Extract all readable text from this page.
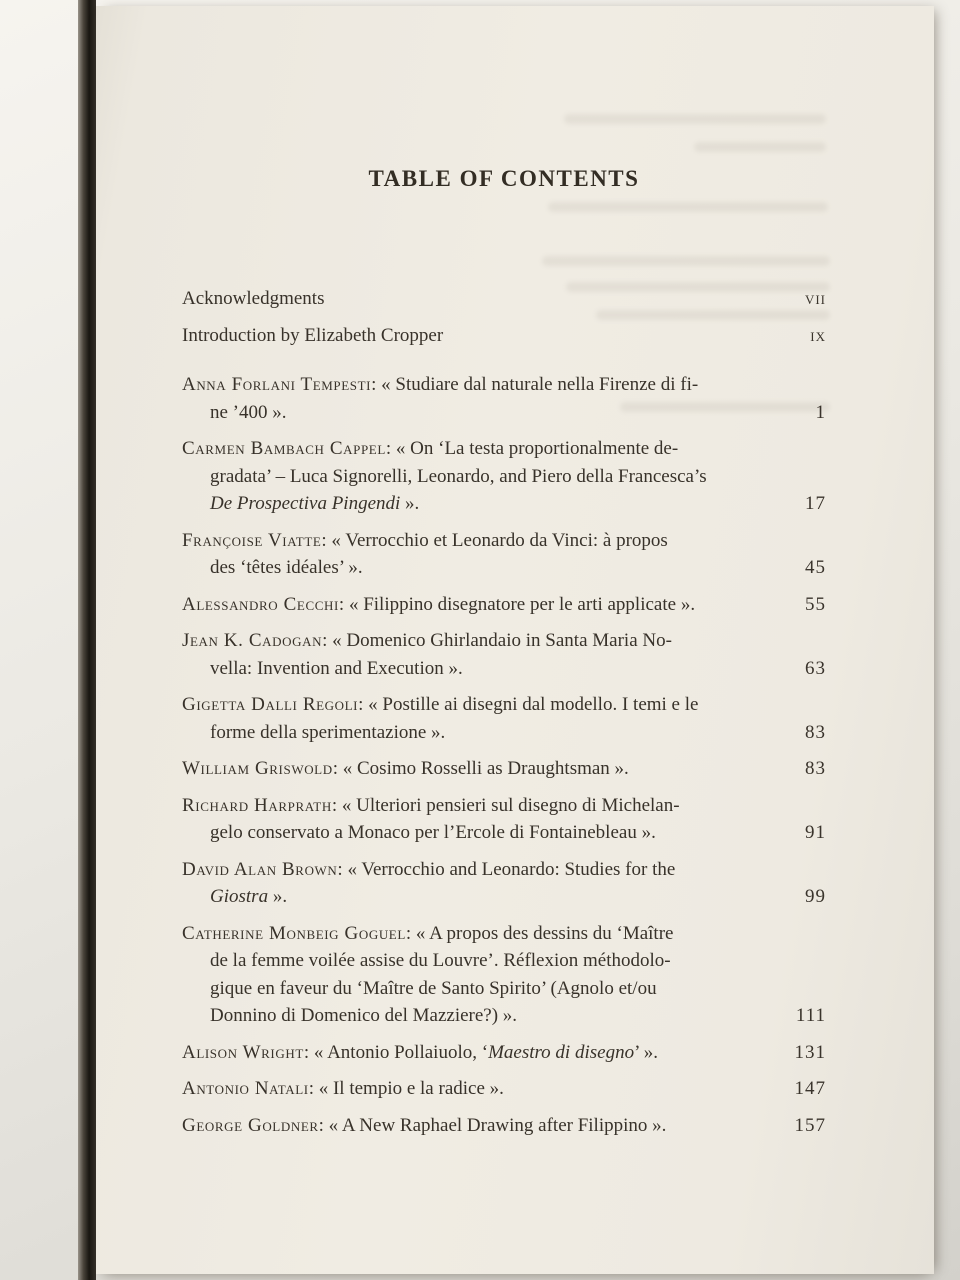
TABLE OF CONTENTS
Acknowledgments	vii
Introduction by Elizabeth Cropper	ix
Anna Forlani Tempesti: « Studiare dal naturale nella Firenze di fi-
ne ’400 ».	1
Carmen Bambach Cappel: « On ‘La testa proportionalmente de-
gradata’ – Luca Signorelli, Leonardo, and Piero della Francesca’s
De Prospectiva Pingendi ».	17
Françoise Viatte: « Verrocchio et Leonardo da Vinci: à propos
des ‘têtes idéales’ ».	45
Alessandro Cecchi: « Filippino disegnatore per le arti applicate ».	55
Jean K. Cadogan: « Domenico Ghirlandaio in Santa Maria No-
vella: Invention and Execution ».	63
Gigetta Dalli Regoli: « Postille ai disegni dal modello. I temi e le
forme della sperimentazione ».	83
William Griswold: « Cosimo Rosselli as Draughtsman ».	83
Richard Harprath: « Ulteriori pensieri sul disegno di Michelan-
gelo conservato a Monaco per l’Ercole di Fontainebleau ».	91
David Alan Brown: « Verrocchio and Leonardo: Studies for the
Giostra ».	99
Catherine Monbeig Goguel: « A propos des dessins du ‘Maître
de la femme voilée assise du Louvre’. Réflexion méthodolo-
gique en faveur du ‘Maître de Santo Spirito’ (Agnolo et/ou
Donnino di Domenico del Mazziere?) ».	111
Alison Wright: « Antonio Pollaiuolo, ‘Maestro di disegno’ ».	131
Antonio Natali: « Il tempio e la radice ».	147
George Goldner: « A New Raphael Drawing after Filippino ».	157
